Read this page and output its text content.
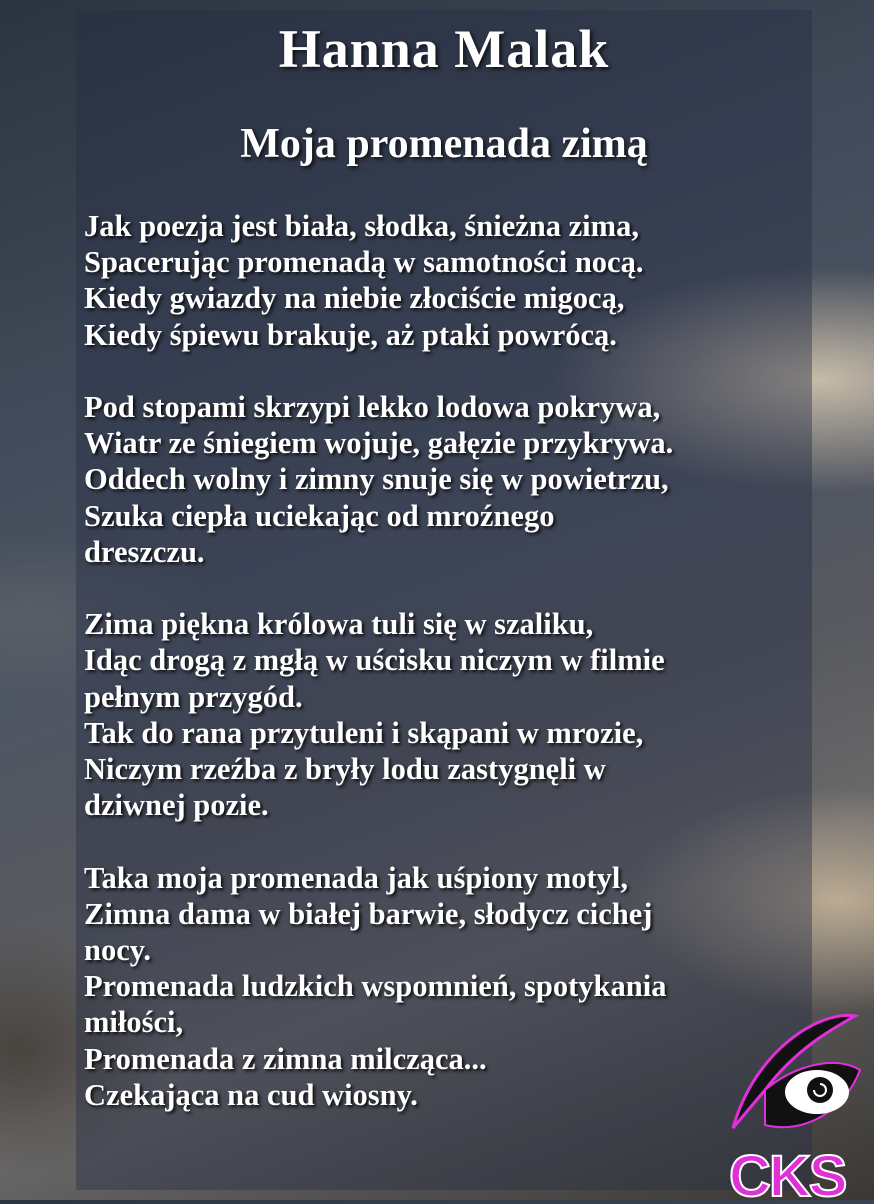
Hanna Malak
Moja promenada zimą
Jak poezja jest biała, słodka, śnieżna zima,
Spacerując promenadą w samotności nocą.
Kiedy gwiazdy na niebie złociście migocą,
Kiedy śpiewu brakuje, aż ptaki powrócą.
Pod stopami skrzypi lekko lodowa pokrywa,
Wiatr ze śniegiem wojuje, gałęzie przykrywa.
Oddech wolny i zimny snuje się w powietrzu,
Szuka ciepła uciekając od mroźnego
dreszczu.
Zima piękna królowa tuli się w szaliku,
Idąc drogą z mgłą w uścisku niczym w filmie
pełnym przygód.
Tak do rana przytuleni i skąpani w mrozie,
Niczym rzeźba z bryły lodu zastygnęli w
dziwnej pozie.
Taka moja promenada jak uśpiony motyl,
Zimna dama w białej barwie, słodycz cichej
nocy.
Promenada ludzkich wspomnień, spotykania
miłości,
Promenada z zimna milcząca...
Czekająca na cud wiosny.
.
CKS
